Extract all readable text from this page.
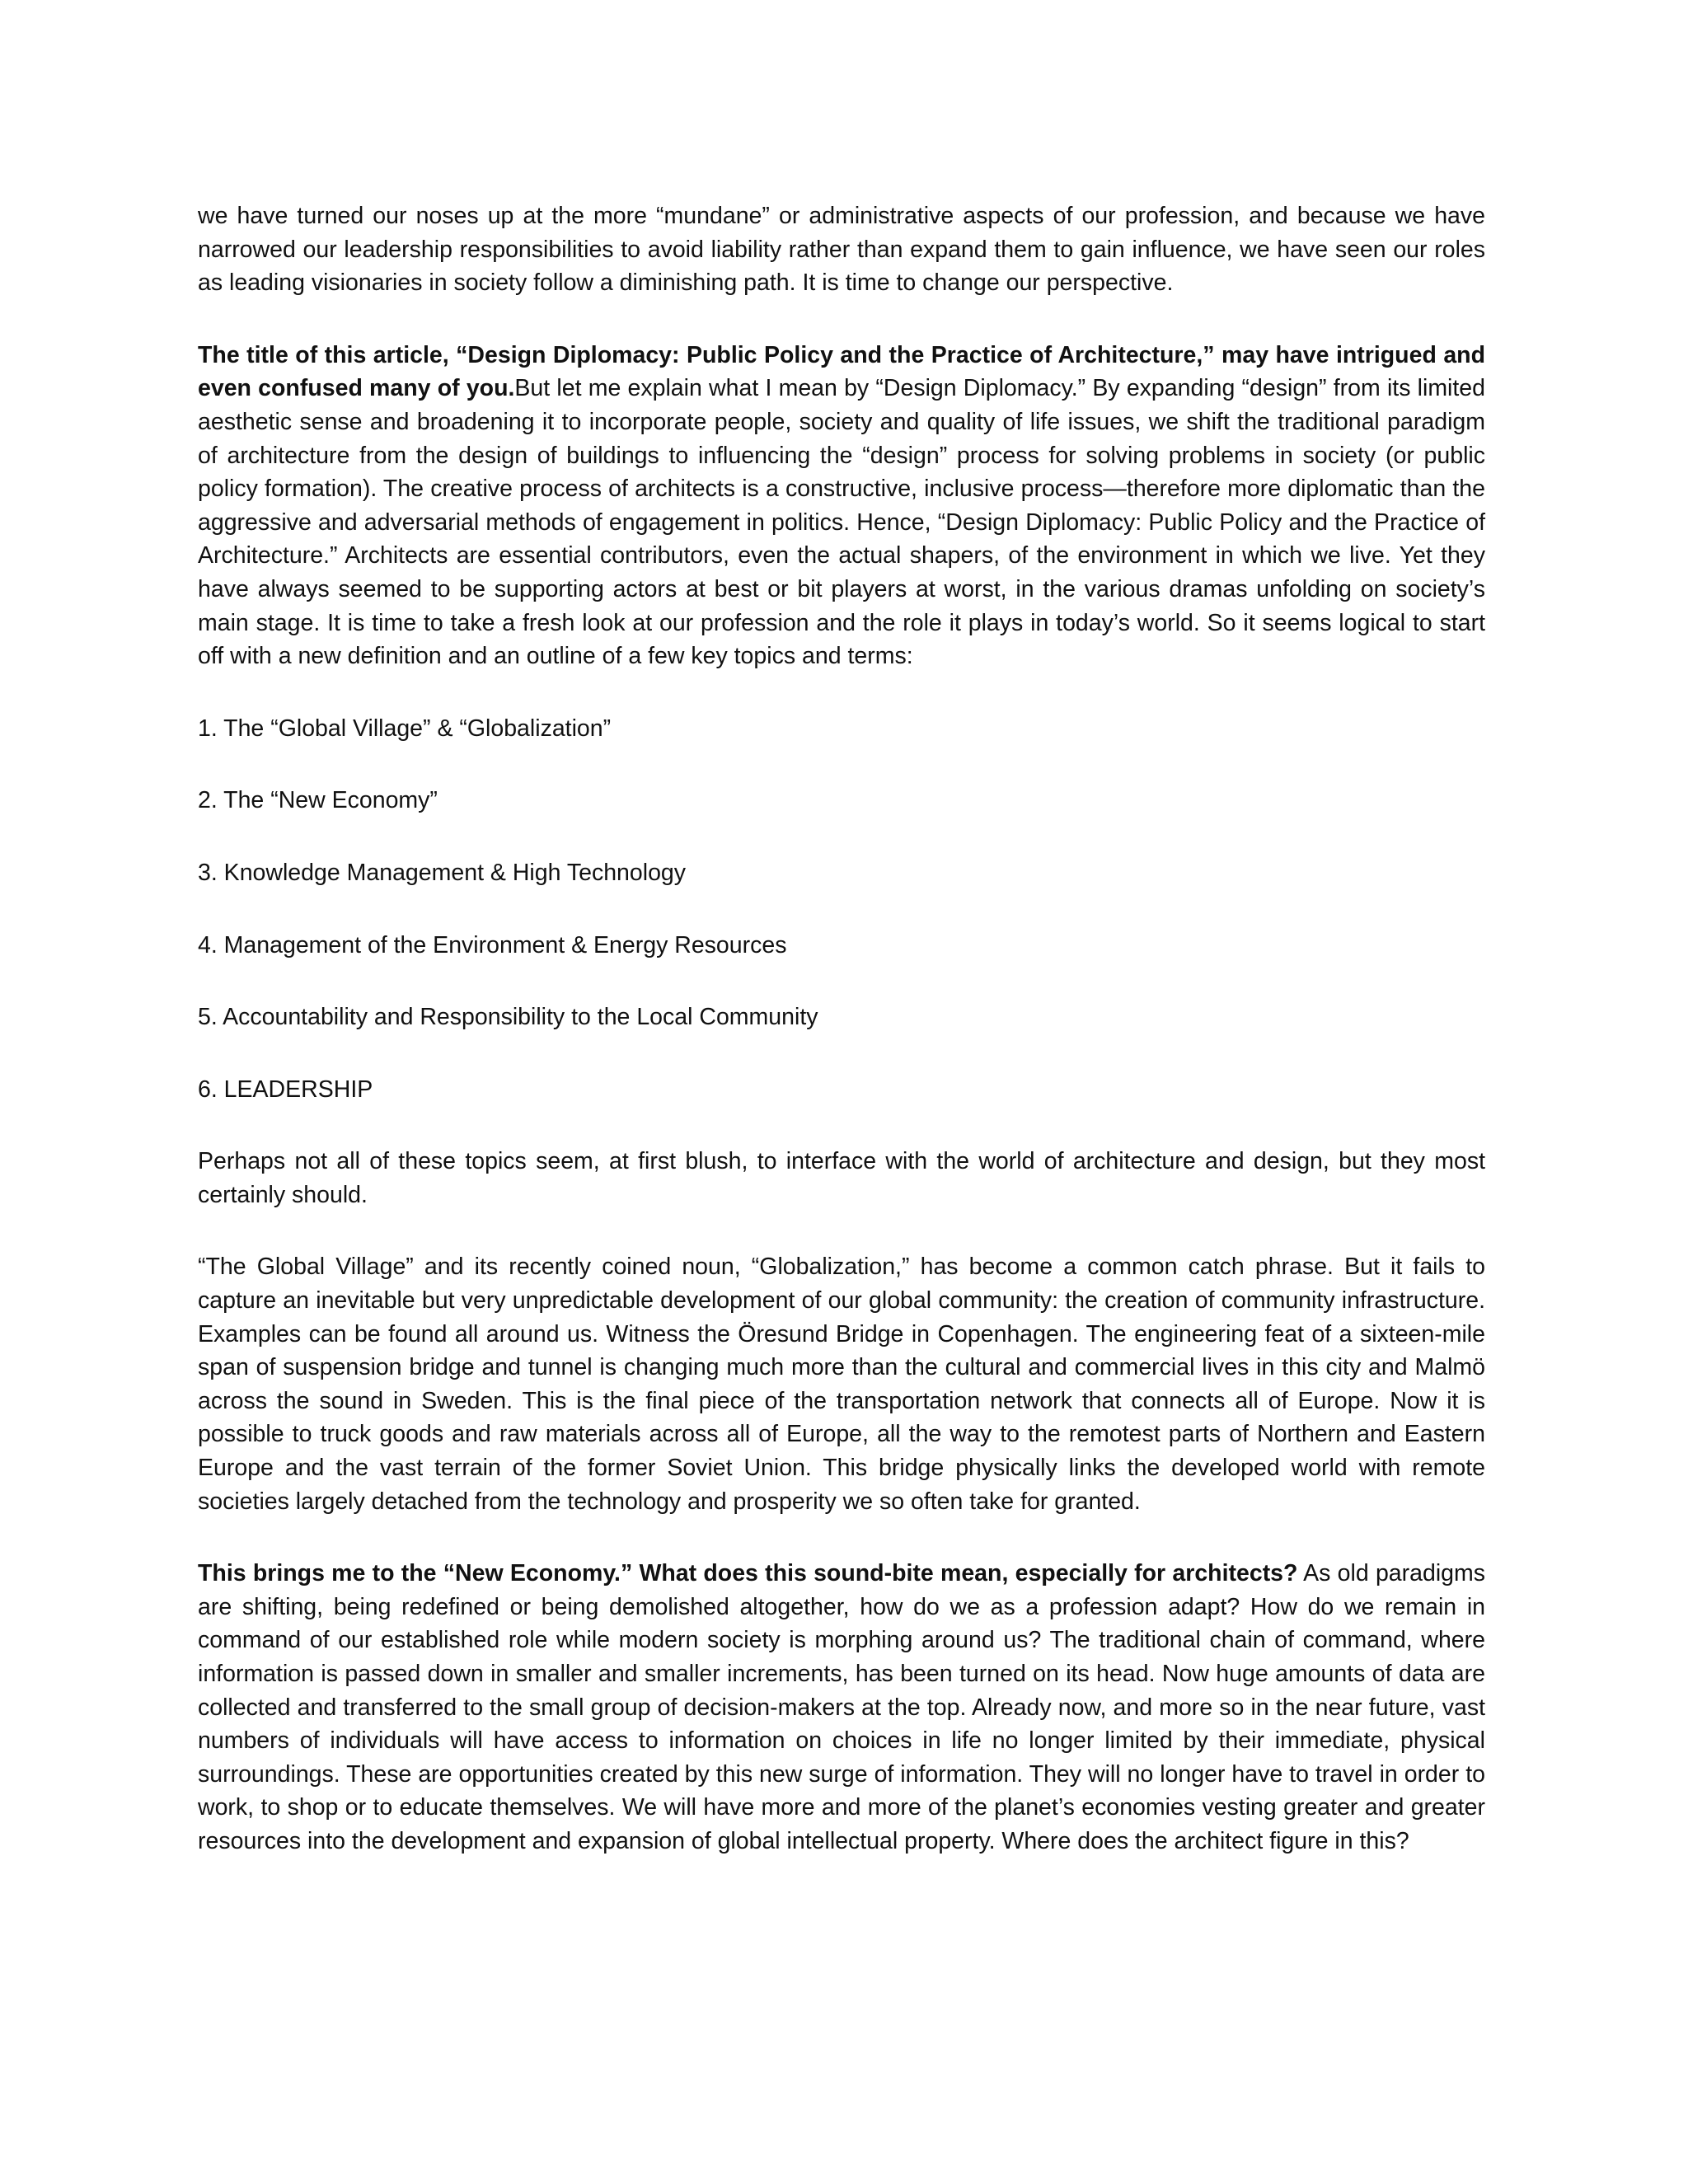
we have turned our noses up at the more “mundane” or administrative aspects of our profession, and because we have narrowed our leadership responsibilities to avoid liability rather than expand them to gain influence, we have seen our roles as leading visionaries in society follow a diminishing path. It is time to change our perspective.

The title of this article, “Design Diplomacy: Public Policy and the Practice of Architecture,” may have intrigued and even confused many of you.But let me explain what I mean by “Design Diplomacy.” By expanding “design” from its limited aesthetic sense and broadening it to incorporate people, society and quality of life issues, we shift the traditional paradigm of architecture from the design of buildings to influencing the “design” process for solving problems in society (or public policy formation). The creative process of architects is a constructive, inclusive process—therefore more diplomatic than the aggressive and adversarial methods of engagement in politics. Hence, “Design Diplomacy: Public Policy and the Practice of Architecture.” Architects are essential contributors, even the actual shapers, of the environment in which we live. Yet they have always seemed to be supporting actors at best or bit players at worst, in the various dramas unfolding on society’s main stage. It is time to take a fresh look at our profession and the role it plays in today’s world. So it seems logical to start off with a new definition and an outline of a few key topics and terms:

1. The “Global Village” & “Globalization”
2. The “New Economy”
3. Knowledge Management & High Technology
4. Management of the Environment & Energy Resources
5. Accountability and Responsibility to the Local Community
6. LEADERSHIP

Perhaps not all of these topics seem, at first blush, to interface with the world of architecture and design, but they most certainly should.

“The Global Village” and its recently coined noun, “Globalization,” has become a common catch phrase. But it fails to capture an inevitable but very unpredictable development of our global community: the creation of community infrastructure. Examples can be found all around us. Witness the Öresund Bridge in Copenhagen. The engineering feat of a sixteen-mile span of suspension bridge and tunnel is changing much more than the cultural and commercial lives in this city and Malmö across the sound in Sweden. This is the final piece of the transportation network that connects all of Europe. Now it is possible to truck goods and raw materials across all of Europe, all the way to the remotest parts of Northern and Eastern Europe and the vast terrain of the former Soviet Union. This bridge physically links the developed world with remote societies largely detached from the technology and prosperity we so often take for granted.

This brings me to the “New Economy.” What does this sound-bite mean, especially for architects? As old paradigms are shifting, being redefined or being demolished altogether, how do we as a profession adapt? How do we remain in command of our established role while modern society is morphing around us? The traditional chain of command, where information is passed down in smaller and smaller increments, has been turned on its head. Now huge amounts of data are collected and transferred to the small group of decision-makers at the top. Already now, and more so in the near future, vast numbers of individuals will have access to information on choices in life no longer limited by their immediate, physical surroundings. These are opportunities created by this new surge of information. They will no longer have to travel in order to work, to shop or to educate themselves. We will have more and more of the planet’s economies vesting greater and greater resources into the development and expansion of global intellectual property. Where does the architect figure in this?
